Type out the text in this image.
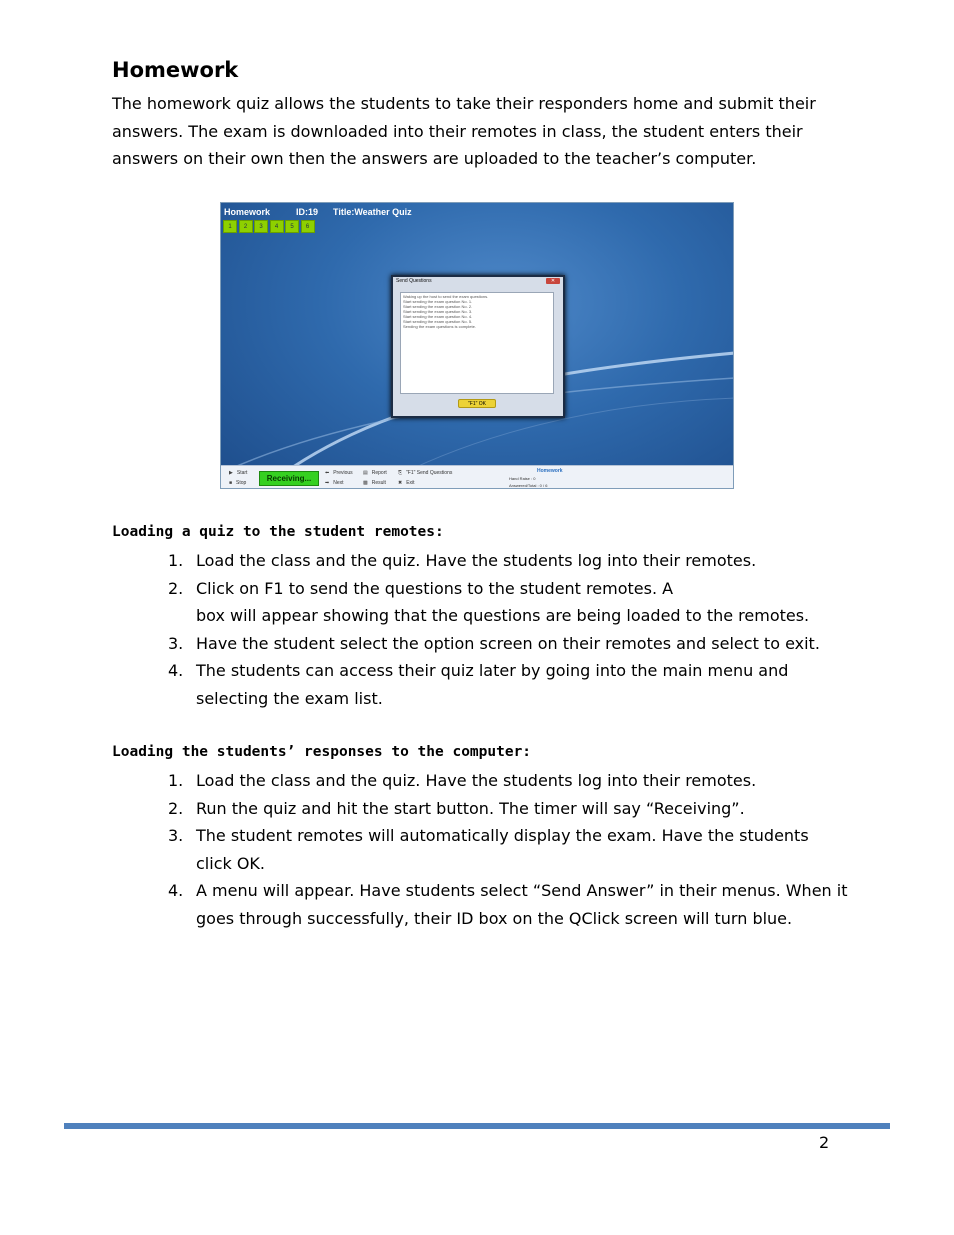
Homework

The homework quiz allows the students to take their responders home and submit their

answers. The exam is downloaded into their remotes in class, the student enters their

answers on their own then the answers are uploaded to the teacher’s computer.

Homework	ID:19 Title:Weather Quiz
1	2	3	4	5	6
Send Questions	✕
Waking up the host to send the exam questions.
Start sending the exam question No. 1.
Start sending the exam question No. 2.
Start sending the exam question No. 3.
Start sending the exam question No. 4.
Start sending the exam question No. 5.
Sending the exam questions is complete.
"F1" OK
▶ Start
■ Stop	Receiving...
⬅ Previous
➡ Next
▤ Report
▩ Result
⎘ "F1" Send Questions
✖ Exit
Homework
Hand Raise : 0
Answered/Total : 0 / 6
Loading a quiz to the student remotes:
1. Load the class and the quiz. Have the students log into their remotes.
2. Click on F1 to send the questions to the student remotes. A
box will appear showing that the questions are being loaded to the remotes.
3. Have the student select the option screen on their remotes and select to exit.
4. The students can access their quiz later by going into the main menu and selecting the exam list.
Loading the students’ responses to the computer:
1. Load the class and the quiz. Have the students log into their remotes.
2. Run the quiz and hit the start button. The timer will say “Receiving”.
3. The student remotes will automatically display the exam. Have the students click OK.
4. A menu will appear. Have students select “Send Answer” in their menus. When it goes through successfully, their ID box on the QClick screen will turn blue.
2
